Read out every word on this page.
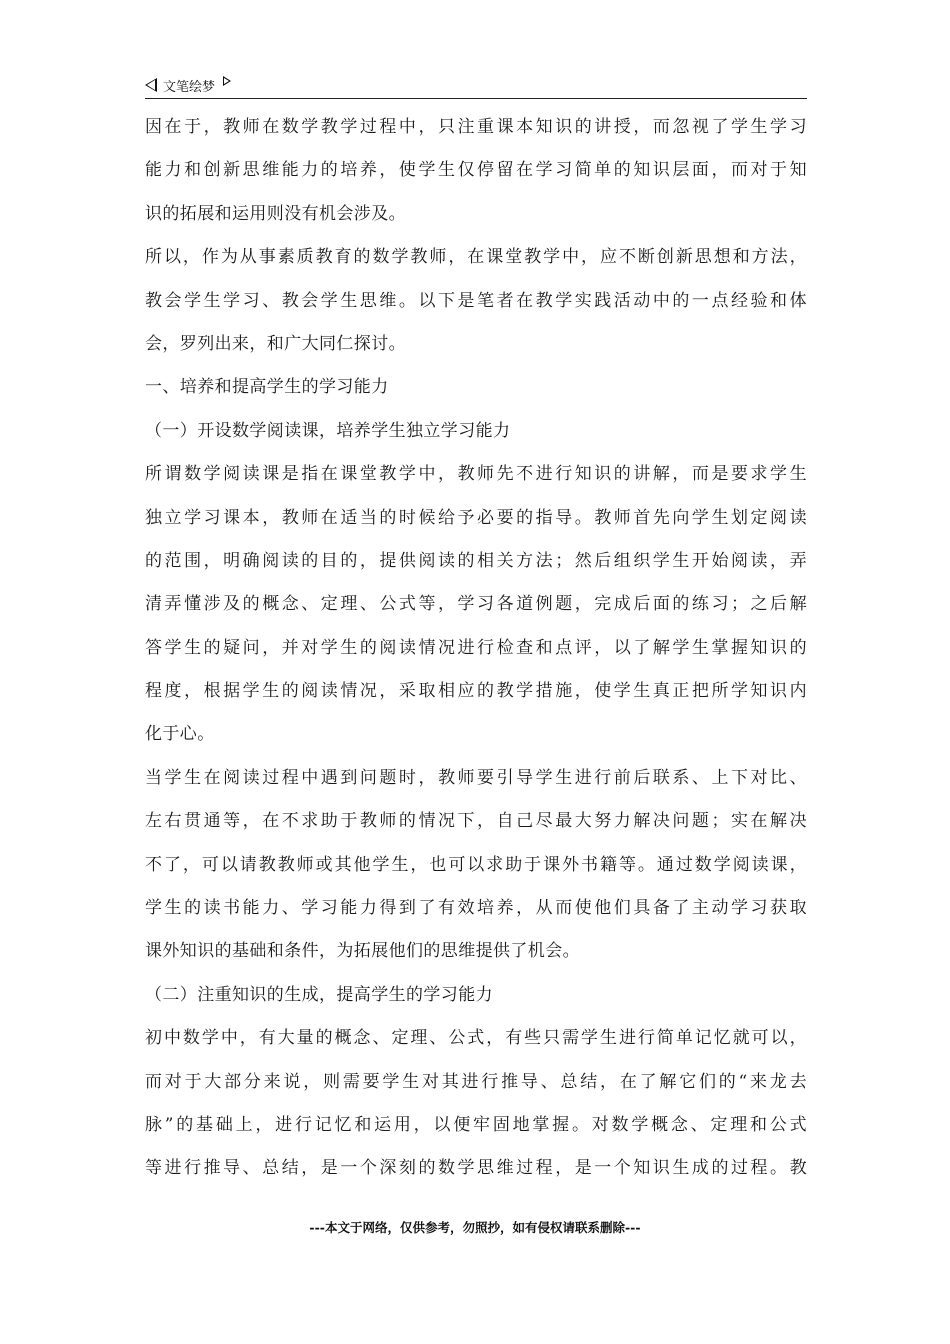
文笔绘梦
因在于，教师在数学教学过程中，只注重课本知识的讲授，而忽视了学生学习
能力和创新思维能力的培养，使学生仅停留在学习简单的知识层面，而对于知
识的拓展和运用则没有机会涉及。
所以，作为从事素质教育的数学教师，在课堂教学中，应不断创新思想和方法，
教会学生学习、教会学生思维。以下是笔者在教学实践活动中的一点经验和体
会，罗列出来，和广大同仁探讨。
一、培养和提高学生的学习能力
（一）开设数学阅读课，培养学生独立学习能力
所谓数学阅读课是指在课堂教学中，教师先不进行知识的讲解，而是要求学生
独立学习课本，教师在适当的时候给予必要的指导。教师首先向学生划定阅读
的范围，明确阅读的目的，提供阅读的相关方法；然后组织学生开始阅读，弄
清弄懂涉及的概念、定理、公式等，学习各道例题，完成后面的练习；之后解
答学生的疑问，并对学生的阅读情况进行检查和点评，以了解学生掌握知识的
程度，根据学生的阅读情况，采取相应的教学措施，使学生真正把所学知识内
化于心。
当学生在阅读过程中遇到问题时，教师要引导学生进行前后联系、上下对比、
左右贯通等，在不求助于教师的情况下，自己尽最大努力解决问题；实在解决
不了，可以请教教师或其他学生，也可以求助于课外书籍等。通过数学阅读课，
学生的读书能力、学习能力得到了有效培养，从而使他们具备了主动学习获取
课外知识的基础和条件，为拓展他们的思维提供了机会。
（二）注重知识的生成，提高学生的学习能力
初中数学中，有大量的概念、定理、公式，有些只需学生进行简单记忆就可以，
而对于大部分来说，则需要学生对其进行推导、总结，在了解它们的“来龙去
脉”的基础上，进行记忆和运用，以便牢固地掌握。对数学概念、定理和公式
等进行推导、总结，是一个深刻的数学思维过程，是一个知识生成的过程。教
---本文于网络，仅供参考，勿照抄，如有侵权请联系删除---
